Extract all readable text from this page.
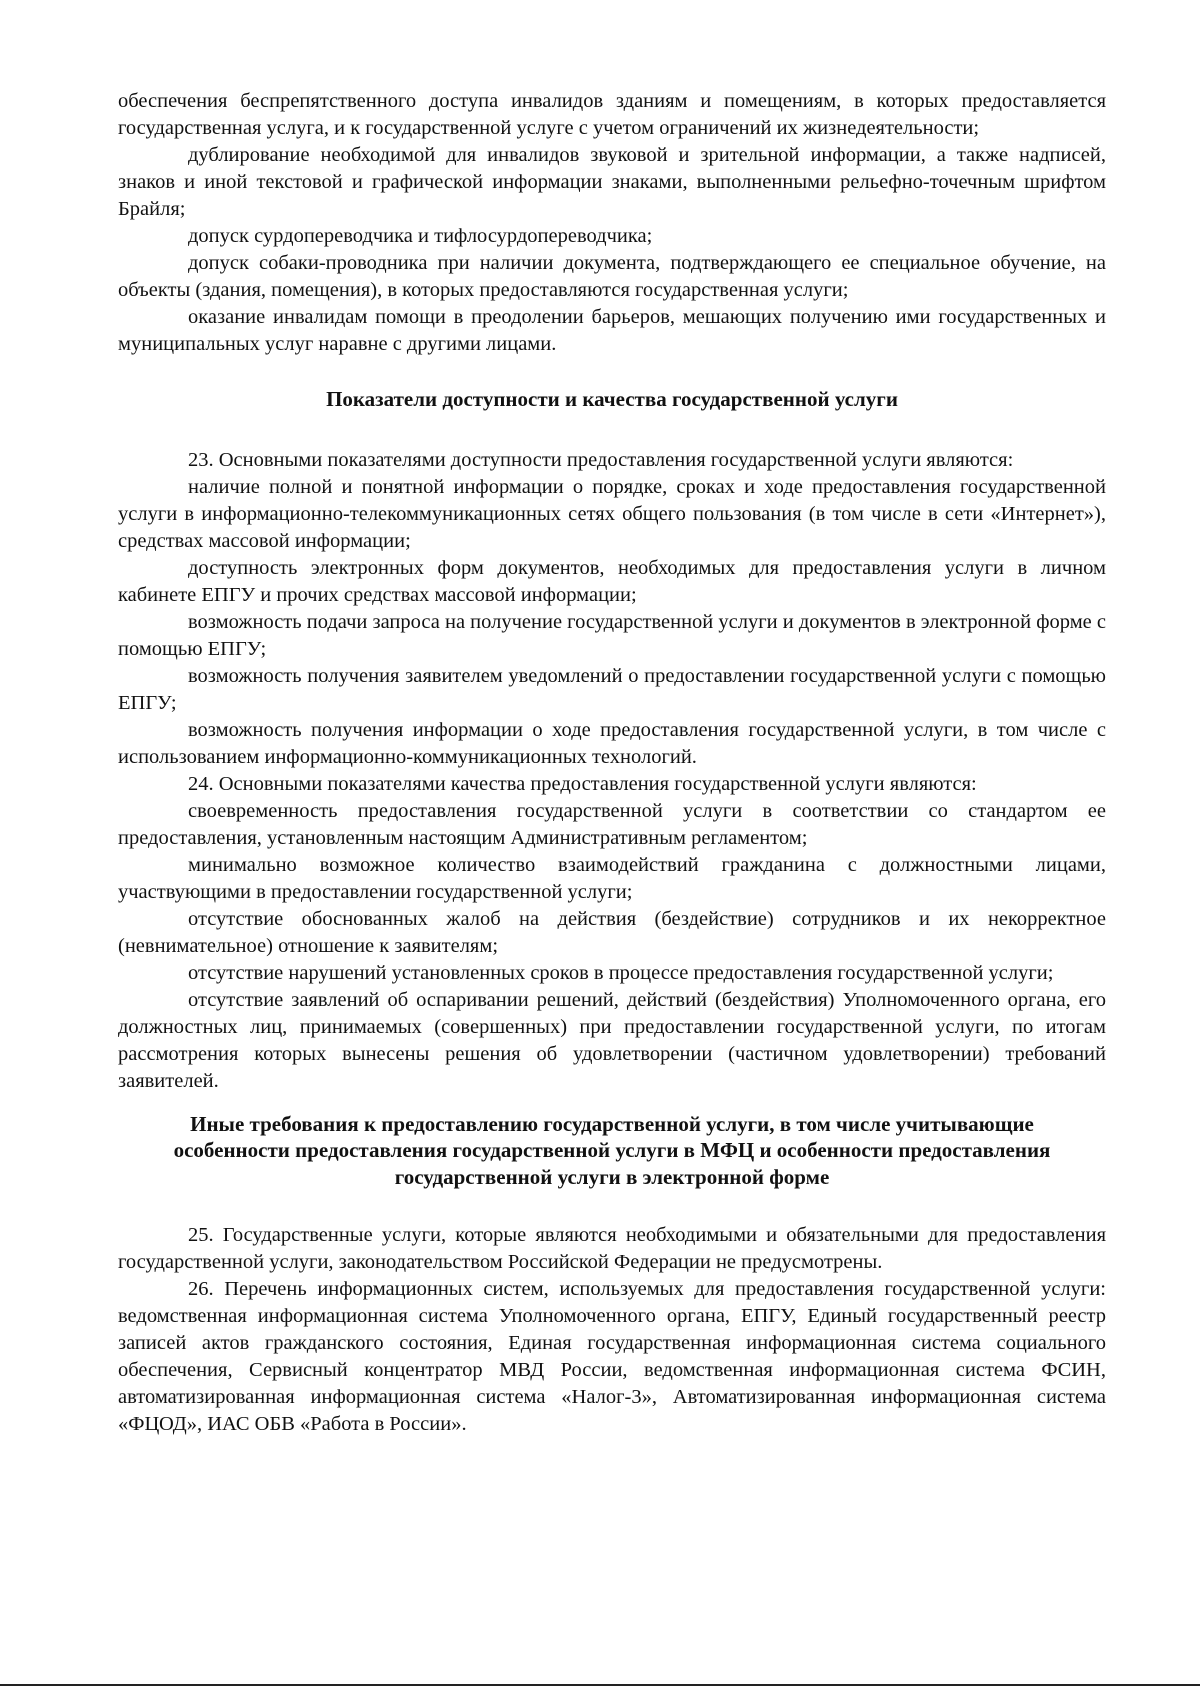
обеспечения беспрепятственного доступа инвалидов зданиям и помещениям, в которых предоставляется государственная услуга, и к государственной услуге с учетом ограничений их жизнедеятельности;

дублирование необходимой для инвалидов звуковой и зрительной информации, а также надписей, знаков и иной текстовой и графической информации знаками, выполненными рельефно-точечным шрифтом Брайля;

допуск сурдопереводчика и тифлосурдопереводчика;

допуск собаки-проводника при наличии документа, подтверждающего ее специальное обучение, на объекты (здания, помещения), в которых предоставляются государственная услуги;

оказание инвалидам помощи в преодолении барьеров, мешающих получению ими государственных и муниципальных услуг наравне с другими лицами.

Показатели доступности и качества государственной услуги

23. Основными показателями доступности предоставления государственной услуги являются:

наличие полной и понятной информации о порядке, сроках и ходе предоставления государственной услуги в информационно-телекоммуникационных сетях общего пользования (в том числе в сети «Интернет»), средствах массовой информации;

доступность электронных форм документов, необходимых для предоставления услуги в личном кабинете ЕПГУ и прочих средствах массовой информации;

возможность подачи запроса на получение государственной услуги и документов в электронной форме с помощью ЕПГУ;

возможность получения заявителем уведомлений о предоставлении государственной услуги с помощью ЕПГУ;

возможность получения информации о ходе предоставления государственной услуги, в том числе с использованием информационно-коммуникационных технологий.

24. Основными показателями качества предоставления государственной услуги являются:

своевременность предоставления государственной услуги в соответствии со стандартом ее предоставления, установленным настоящим Административным регламентом;

минимально возможное количество взаимодействий гражданина с должностными лицами, участвующими в предоставлении государственной услуги;

отсутствие обоснованных жалоб на действия (бездействие) сотрудников и их некорректное (невнимательное) отношение к заявителям;

отсутствие нарушений установленных сроков в процессе предоставления государственной услуги;

отсутствие заявлений об оспаривании решений, действий (бездействия) Уполномоченного органа, его должностных лиц, принимаемых (совершенных) при предоставлении государственной услуги, по итогам рассмотрения которых вынесены решения об удовлетворении (частичном удовлетворении) требований заявителей.

Иные требования к предоставлению государственной услуги, в том числе учитывающие особенности предоставления государственной услуги в МФЦ и особенности предоставления государственной услуги в электронной форме

25. Государственные услуги, которые являются необходимыми и обязательными для предоставления государственной услуги, законодательством Российской Федерации не предусмотрены.

26. Перечень информационных систем, используемых для предоставления государственной услуги: ведомственная информационная система Уполномоченного органа, ЕПГУ, Единый государственный реестр записей актов гражданского состояния, Единая государственная информационная система социального обеспечения, Сервисный концентратор МВД России, ведомственная информационная система ФСИН, автоматизированная информационная система «Налог-3», Автоматизированная информационная система «ФЦОД», ИАС ОБВ «Работа в России».
